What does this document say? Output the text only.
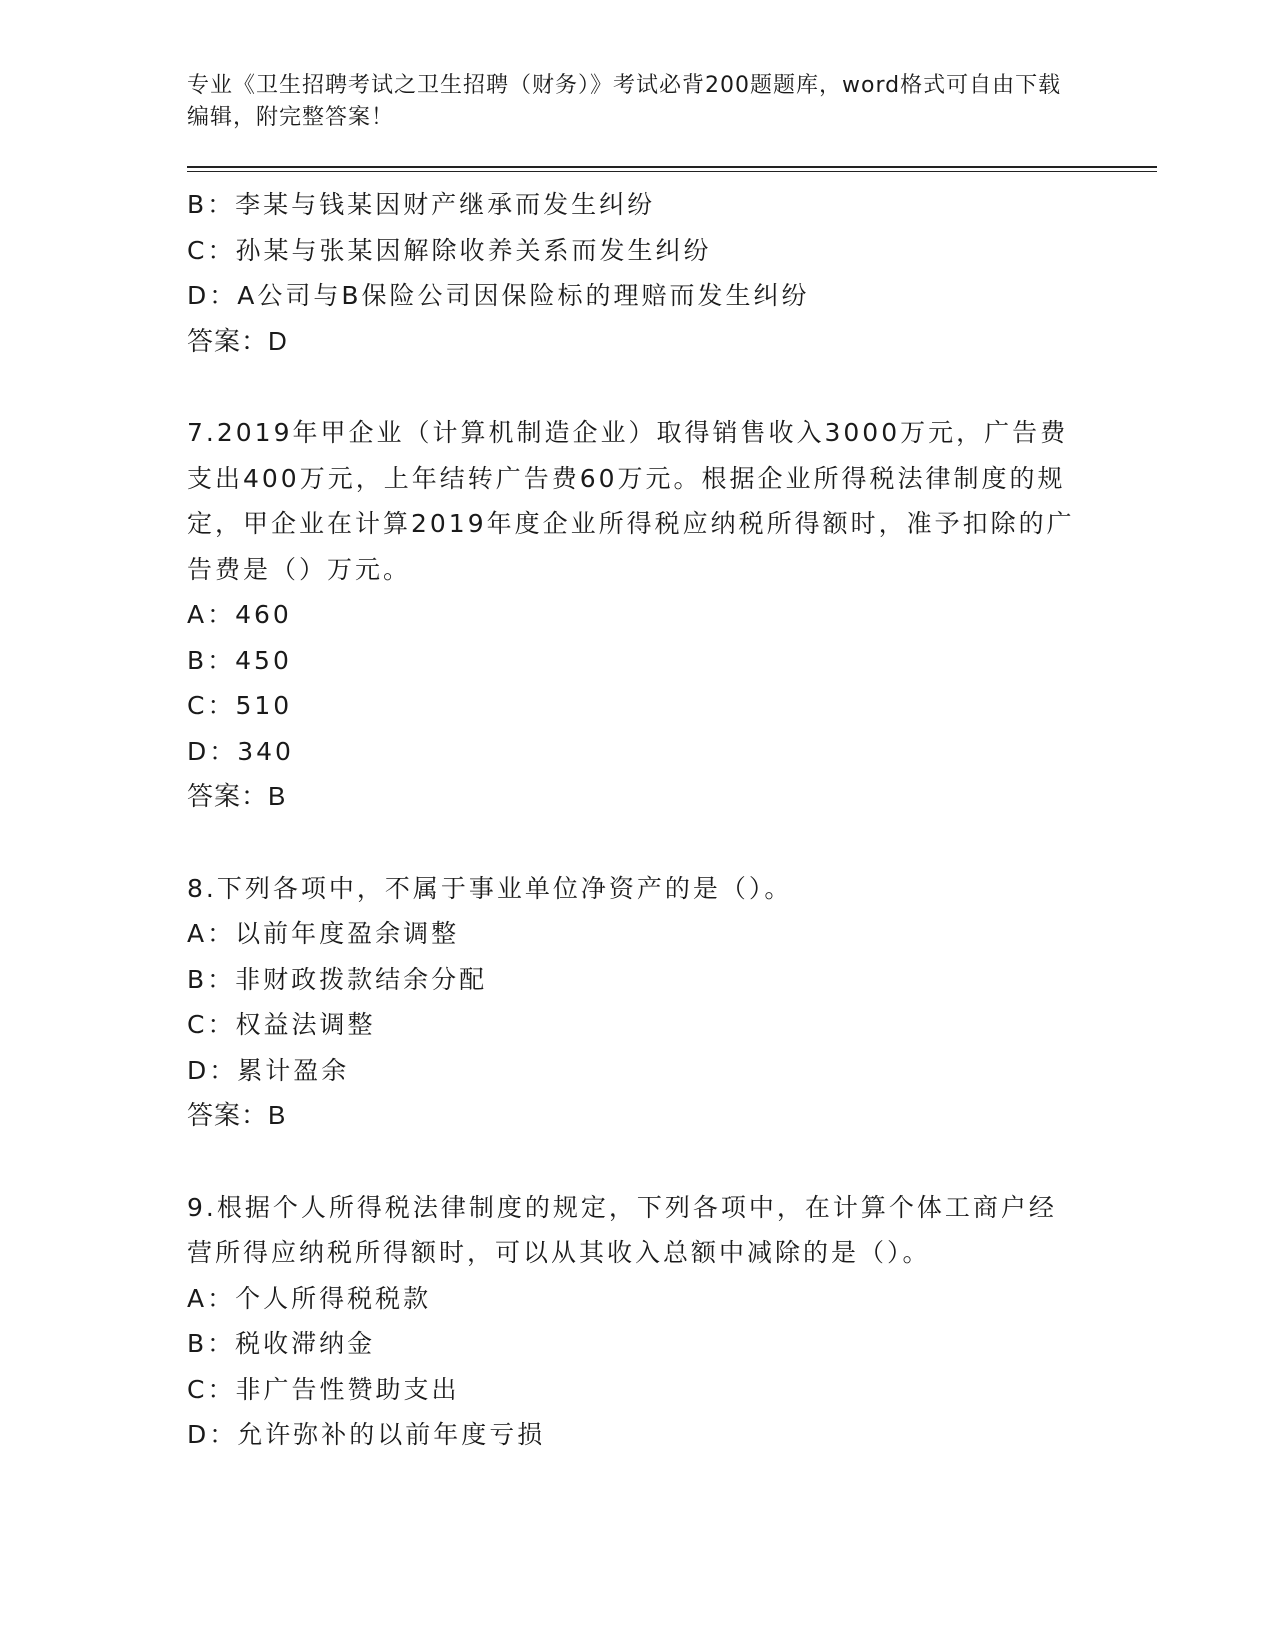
专业《卫生招聘考试之卫生招聘（财务）》考试必背200题题库，word格式可自由下载编辑，附完整答案！

B：李某与钱某因财产继承而发生纠纷
C：孙某与张某因解除收养关系而发生纠纷
D：A公司与B保险公司因保险标的理赔而发生纠纷
答案：D
7.2019年甲企业（计算机制造企业）取得销售收入3000万元，广告费支出400万元，上年结转广告费60万元。根据企业所得税法律制度的规定，甲企业在计算2019年度企业所得税应纳税所得额时，准予扣除的广告费是（）万元。
A：460
B：450
C：510
D：340
答案：B
8.下列各项中，不属于事业单位净资产的是（）。
A：以前年度盈余调整
B：非财政拨款结余分配
C：权益法调整
D：累计盈余
答案：B
9.根据个人所得税法律制度的规定，下列各项中，在计算个体工商户经营所得应纳税所得额时，可以从其收入总额中减除的是（）。
A：个人所得税税款
B：税收滞纳金
C：非广告性赞助支出
D：允许弥补的以前年度亏损
